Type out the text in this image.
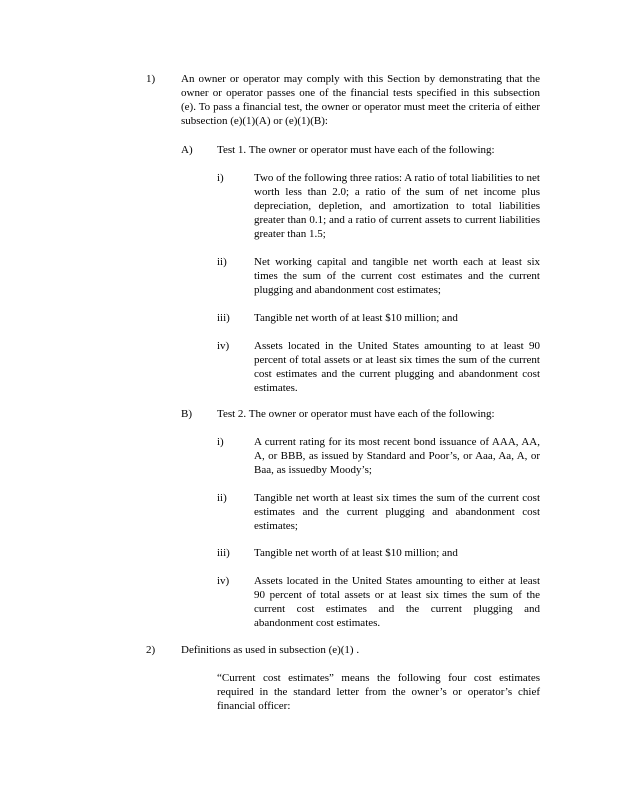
1) An owner or operator may comply with this Section by demonstrating that the owner or operator passes one of the financial tests specified in this subsection (e). To pass a financial test, the owner or operator must meet the criteria of either subsection (e)(1)(A) or (e)(1)(B):
A) Test 1. The owner or operator must have each of the following:
i)	Two of the following three ratios: A ratio of total liabilities to net worth less than 2.0; a ratio of the sum of net income plus depreciation, depletion, and amortization to total liabilities greater than 0.1; and a ratio of current assets to current liabilities greater than 1.5;
ii) Net working capital and tangible net worth each at least six times the sum of the current cost estimates and the current plugging and abandonment cost estimates;
iii) Tangible net worth of at least $10 million; and
iv) Assets located in the United States amounting to at least 90 percent of total assets or at least six times the sum of the current cost estimates and the current plugging and abandonment cost estimates.
B) Test 2. The owner or operator must have each of the following:
i)	A current rating for its most recent bond issuance of AAA, AA, A, or BBB, as issued by Standard and Poor’s, or Aaa, Aa, A, or Baa, as issuedby Moody’s;
ii) Tangible net worth at least six times the sum of the current cost estimates and the current plugging and abandonment cost estimates;
iii) Tangible net worth of at least $10 million; and
iv) Assets located in the United States amounting to either at least 90 percent of total assets or at least six times the sum of the current cost estimates and the current plugging and abandonment cost estimates.
2) Definitions as used in subsection (e)(1) .
“Current cost estimates” means the following four cost estimates required in the standard letter from the owner’s or operator’s chief financial officer:
